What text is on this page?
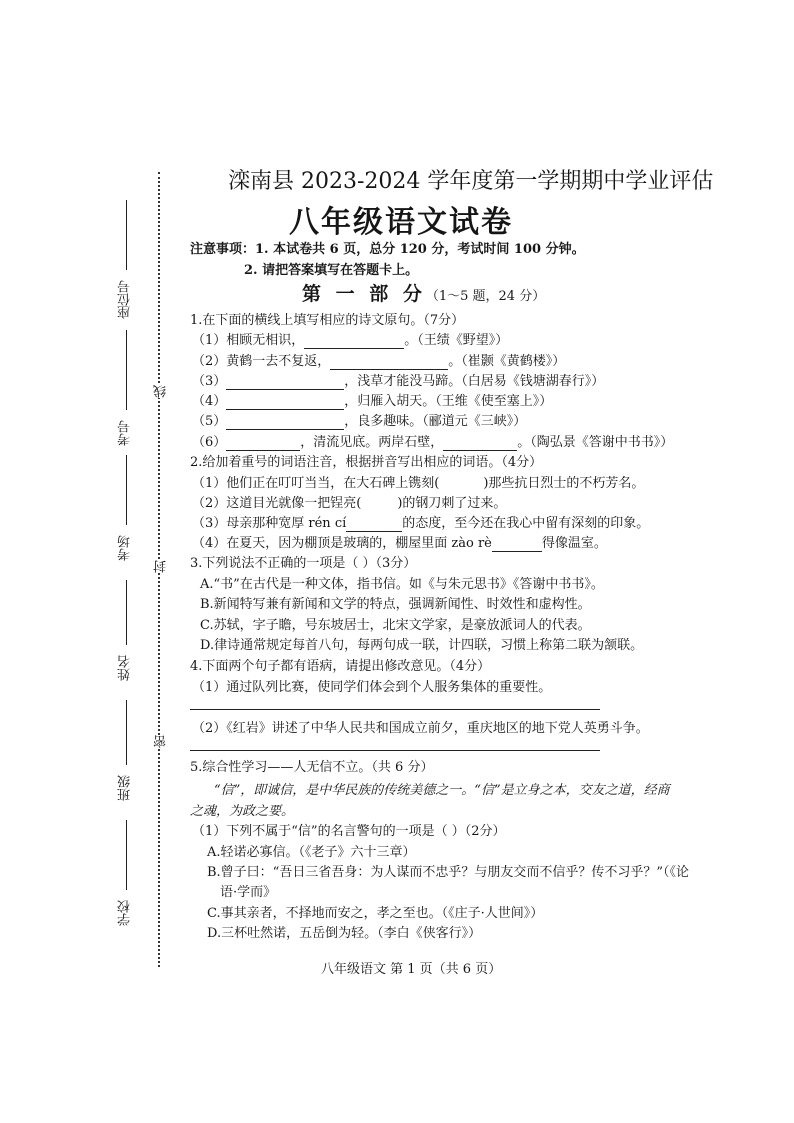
座位号
考号
考场
姓名
班级
学校
线
封
密
滦南县 2023-2024 学年度第一学期期中学业评估
八年级语文试卷
注意事项：1. 本试卷共 6 页，总分 120 分，考试时间 100 分钟。
2. 请把答案填写在答题卡上。
第 一 部 分（1～5 题，24 分）
1.在下面的横线上填写相应的诗文原句。（7分）
（1）相顾无相识，	。（王绩《野望》）
（2）黄鹤一去不复返，	。（崔颢《黄鹤楼》）
（3）	，浅草才能没马蹄。（白居易《钱塘湖春行》）
（4）	，归雁入胡天。（王维《使至塞上》）
（5）	，良多趣味。（郦道元《三峡》）
（6）	，清流见底。两岸石壁，	。（陶弘景《答谢中书书》）
2.给加着重号的词语注音，根据拼音写出相应的词语。（4分）
（1）他们正在叮叮当当，在大石碑上镌刻(	)那些抗日烈士的不朽芳名。
（2）这道目光就像一把锃亮(	)的钢刀刺了过来。
（3）母亲那种宽厚 rén cí	的态度，至今还在我心中留有深刻的印象。
（4）在夏天，因为棚顶是玻璃的，棚屋里面 zào rè	得像温室。
3.下列说法不正确的一项是（ ）（3分）
A.“书”在古代是一种文体，指书信。如《与朱元思书》《答谢中书书》。
B.新闻特写兼有新闻和文学的特点，强调新闻性、时效性和虚构性。
C.苏轼，字子瞻，号东坡居士，北宋文学家，是豪放派词人的代表。
D.律诗通常规定每首八句，每两句成一联，计四联，习惯上称第二联为颔联。
4.下面两个句子都有语病，请提出修改意见。（4分）
（1）通过队列比赛，使同学们体会到个人服务集体的重要性。
（2）《红岩》讲述了中华人民共和国成立前夕，重庆地区的地下党人英勇斗争。
5.综合性学习——人无信不立。（共 6 分）
“信”，即诚信，是中华民族的传统美德之一。“信”是立身之本，交友之道，经商
之魂，为政之要。
（1）下列不属于“信”的名言警句的一项是（ ）（2分）
A.轻诺必寡信。（《老子》六十三章）
B.曾子曰：“吾日三省吾身：为人谋而不忠乎？与朋友交而不信乎？传不习乎？”（《论
语·学而》
C.事其亲者，不择地而安之，孝之至也。（《庄子·人世间》）
D.三杯吐然诺，五岳倒为轻。（李白《侠客行》）
八年级语文 第 1 页（共 6 页）
